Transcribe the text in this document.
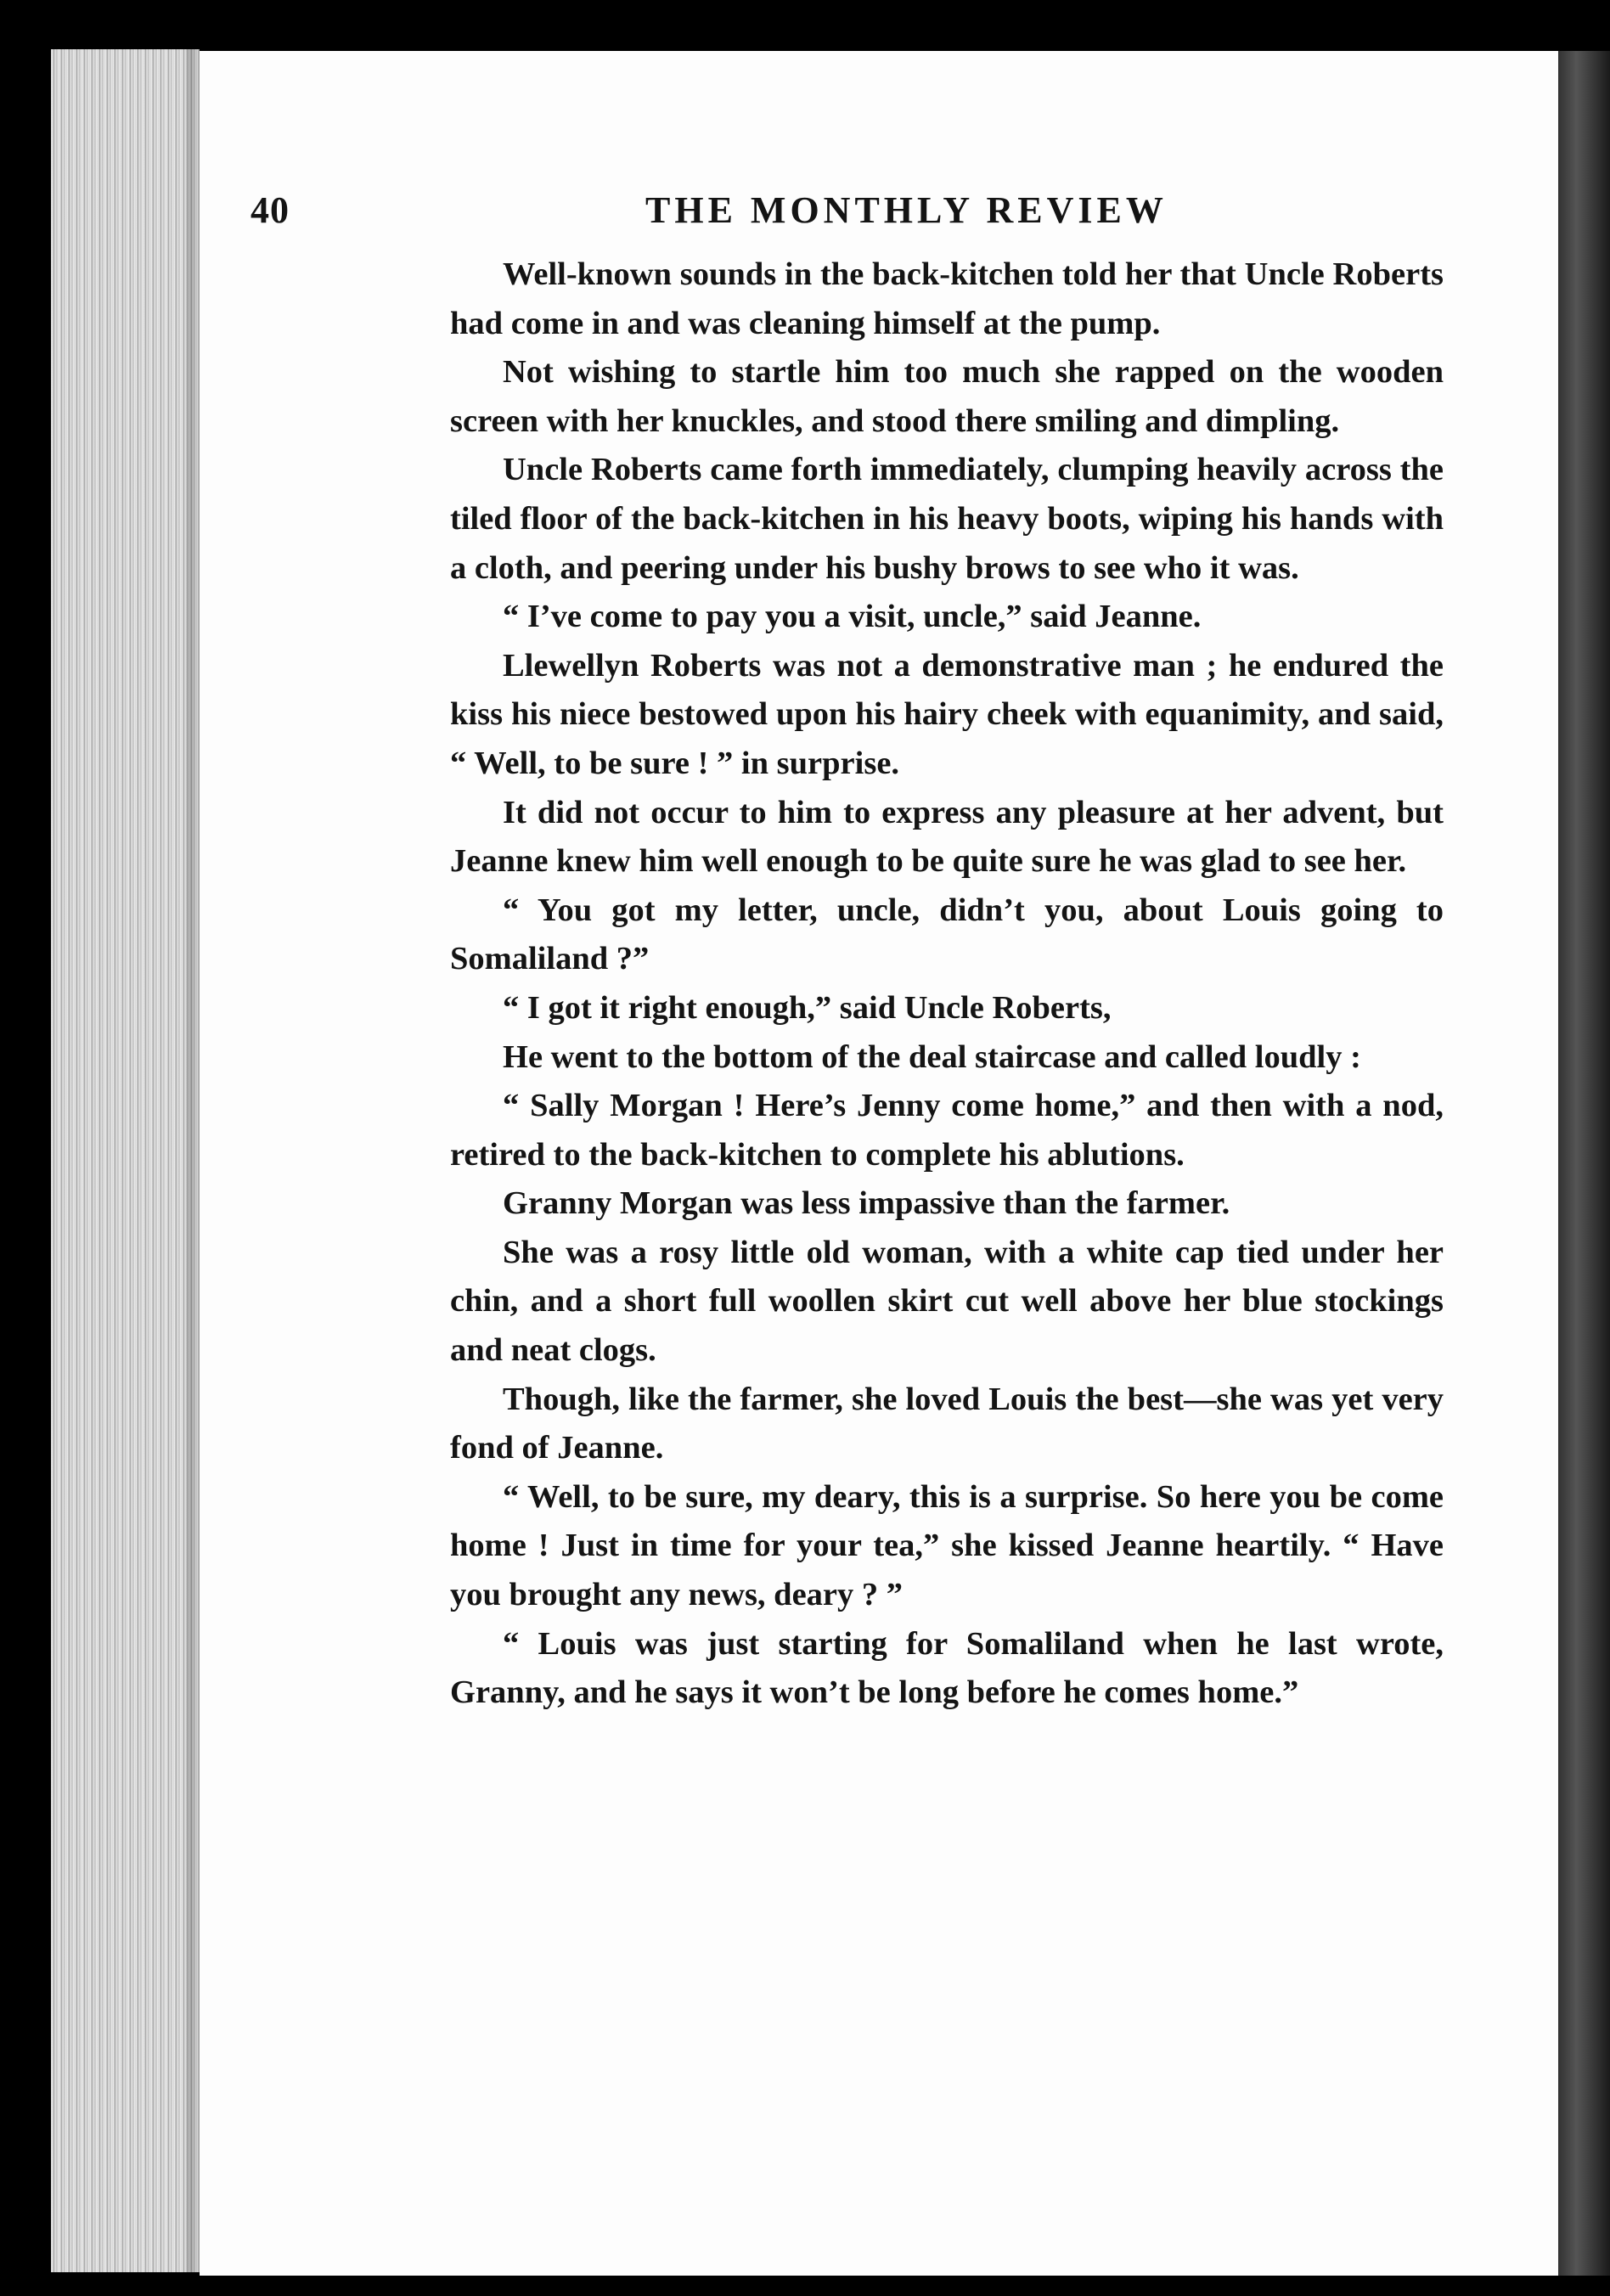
40	THE MONTHLY REVIEW

Well-known sounds in the back-kitchen told her that Uncle Roberts had come in and was cleaning himself at the pump.

Not wishing to startle him too much she rapped on the wooden screen with her knuckles, and stood there smiling and dimpling.

Uncle Roberts came forth immediately, clumping heavily across the tiled floor of the back-kitchen in his heavy boots, wiping his hands with a cloth, and peering under his bushy brows to see who it was.

“ I’ve come to pay you a visit, uncle,” said Jeanne.

Llewellyn Roberts was not a demonstrative man ; he endured the kiss his niece bestowed upon his hairy cheek with equanimity, and said, “ Well, to be sure ! ” in surprise.

It did not occur to him to express any pleasure at her advent, but Jeanne knew him well enough to be quite sure he was glad to see her.

“ You got my letter, uncle, didn’t you, about Louis going to Somaliland ?”

“ I got it right enough,” said Uncle Roberts,

He went to the bottom of the deal staircase and called loudly :

“ Sally Morgan ! Here’s Jenny come home,” and then with a nod, retired to the back-kitchen to complete his ablutions.

Granny Morgan was less impassive than the farmer.

She was a rosy little old woman, with a white cap tied under her chin, and a short full woollen skirt cut well above her blue stockings and neat clogs.

Though, like the farmer, she loved Louis the best—she was yet very fond of Jeanne.

“ Well, to be sure, my deary, this is a surprise. So here you be come home ! Just in time for your tea,” she kissed Jeanne heartily. “ Have you brought any news, deary ? ”

“ Louis was just starting for Somaliland when he last wrote, Granny, and he says it won’t be long before he comes home.”
